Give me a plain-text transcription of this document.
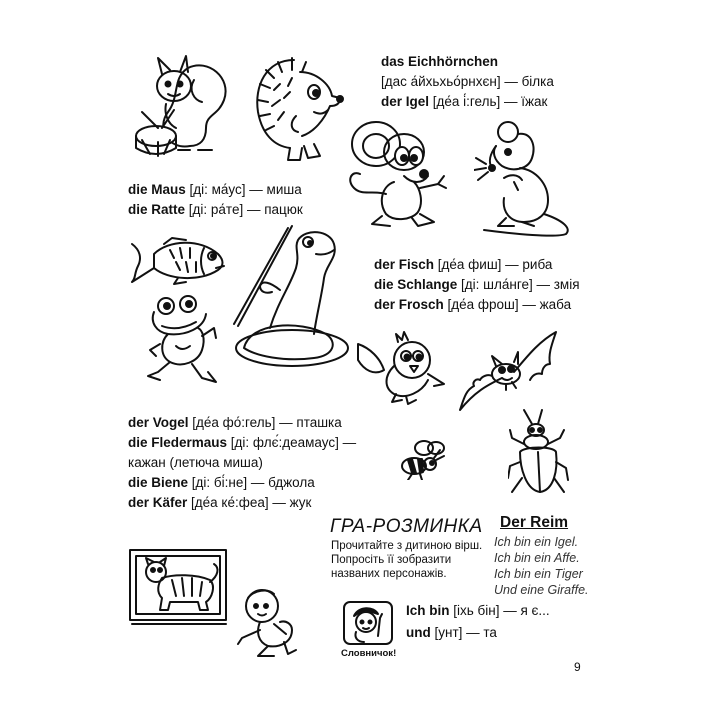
das Eichhörnchen
[дас а́йхьхьо́рнхєн] — білка
der Igel [де́а і́:гель] — їжак
die Maus [ді: ма́ус] — миша
die Ratte [ді: ра́те] — пацюк
der Fisch [де́а фиш] — риба
die Schlange [ді: шла́нге] — змія
der Frosch [де́а фрош] — жаба
der Vogel [де́а фо́:гель] — пташка
die Fledermaus [ді: флє́:деамаус] —
кажан (летюча миша)
die Biene [ді: бі́:не] — бджола
der Käfer [де́а ке́:феа] — жук
ГРА-РОЗМИНКА
Прочитайте з дитиною вірш.
Попросіть її зобразити
названих персонажів.
Der Reim
Ich bin ein Igel.
Ich bin ein Affe.
Ich bin ein Tiger
Und eine Giraffe.
Словничок!
Ich bin [іхь бін] — я є...
und [унт] — та
9
